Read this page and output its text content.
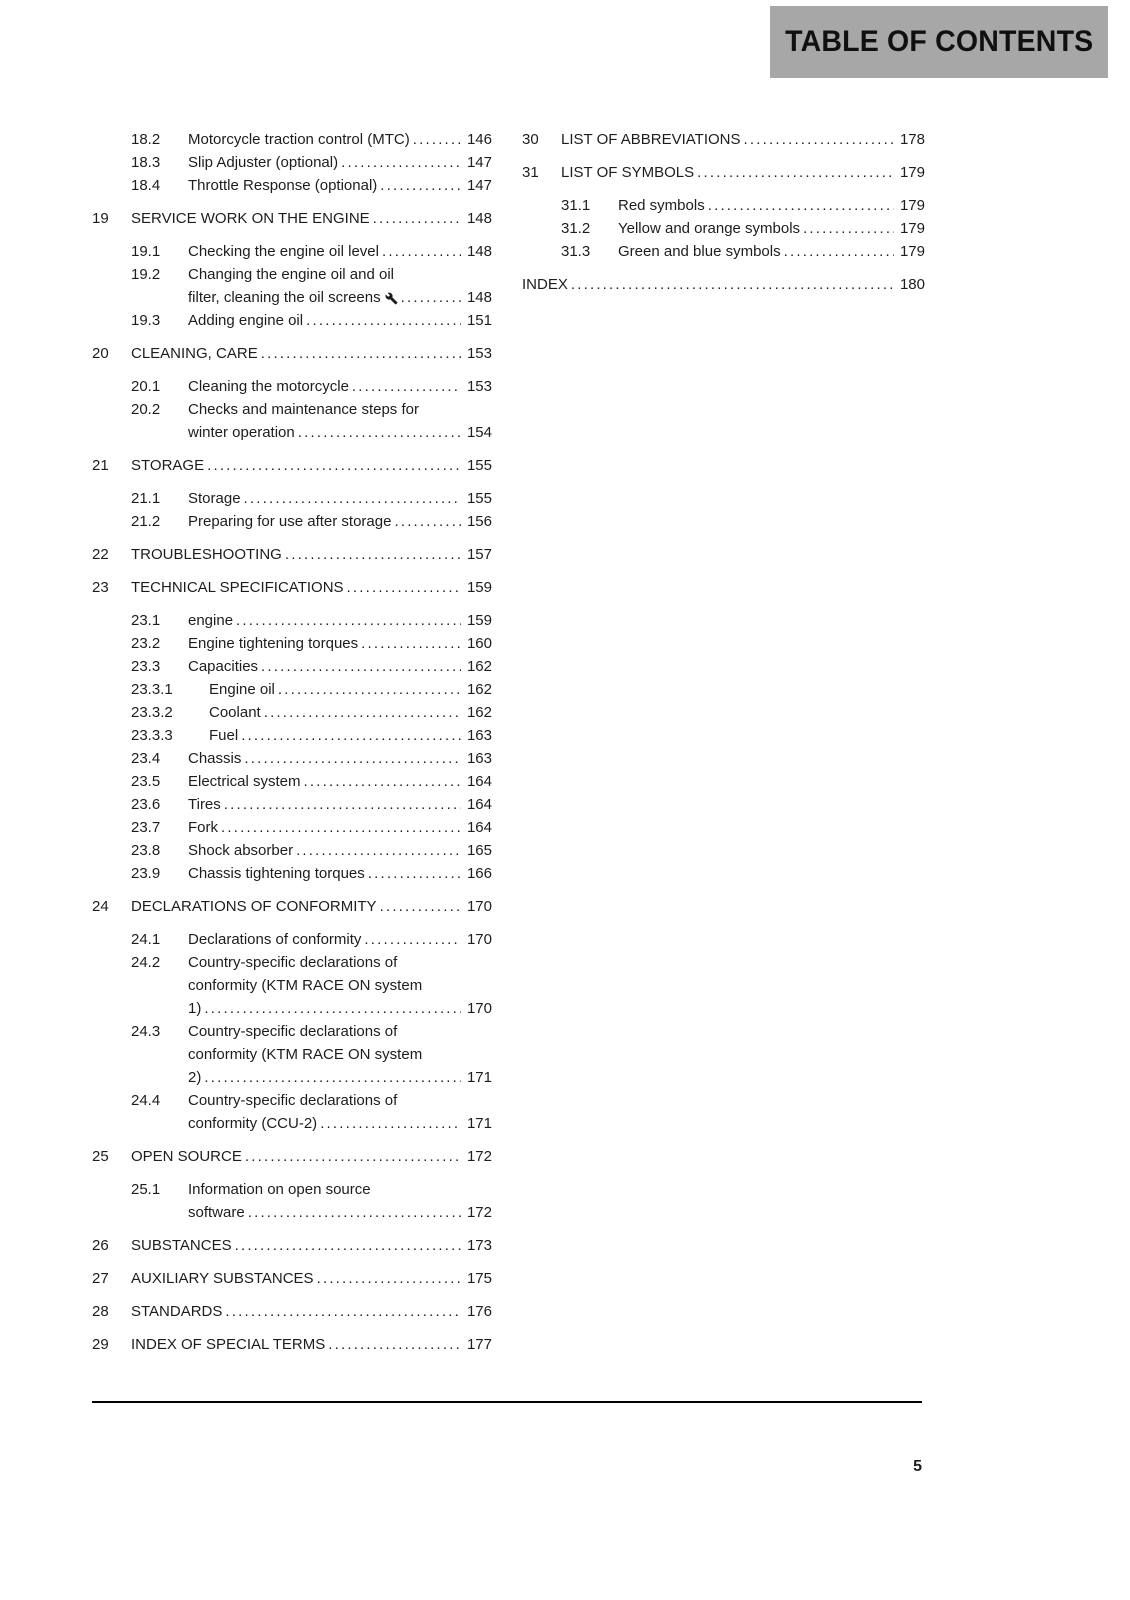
TABLE OF CONTENTS
18.2	Motorcycle traction control (MTC) .....	146
18.3	Slip Adjuster (optional) .....	147
18.4	Throttle Response (optional) .....	147
19	SERVICE WORK ON THE ENGINE .....	148
19.1	Checking the engine oil level .....	148
19.2	Changing the engine oil and oil
filter, cleaning the oil screens .....	148
19.3	Adding engine oil .....	151
20	CLEANING, CARE .....	153
20.1	Cleaning the motorcycle .....	153
20.2	Checks and maintenance steps for
winter operation .....	154
21	STORAGE .....	155
21.1	Storage .....	155
21.2	Preparing for use after storage .....	156
22	TROUBLESHOOTING .....	157
23	TECHNICAL SPECIFICATIONS .....	159
23.1	engine .....	159
23.2	Engine tightening torques .....	160
23.3	Capacities .....	162
23.3.1	Engine oil .....	162
23.3.2	Coolant .....	162
23.3.3	Fuel .....	163
23.4	Chassis .....	163
23.5	Electrical system .....	164
23.6	Tires .....	164
23.7	Fork .....	164
23.8	Shock absorber .....	165
23.9	Chassis tightening torques .....	166
24	DECLARATIONS OF CONFORMITY .....	170
24.1	Declarations of conformity .....	170
24.2	Country-specific declarations of
conformity (KTM RACE ON system
1) .....	170
24.3	Country-specific declarations of
conformity (KTM RACE ON system
2) .....	171
24.4	Country-specific declarations of
conformity (CCU-2) .....	171
25	OPEN SOURCE .....	172
25.1	Information on open source
software .....	172
26	SUBSTANCES .....	173
27	AUXILIARY SUBSTANCES .....	175
28	STANDARDS .....	176
29	INDEX OF SPECIAL TERMS .....	177
30	LIST OF ABBREVIATIONS .....	178
31	LIST OF SYMBOLS .....	179
31.1	Red symbols .....	179
31.2	Yellow and orange symbols .....	179
31.3	Green and blue symbols .....	179
INDEX .....	180
5
